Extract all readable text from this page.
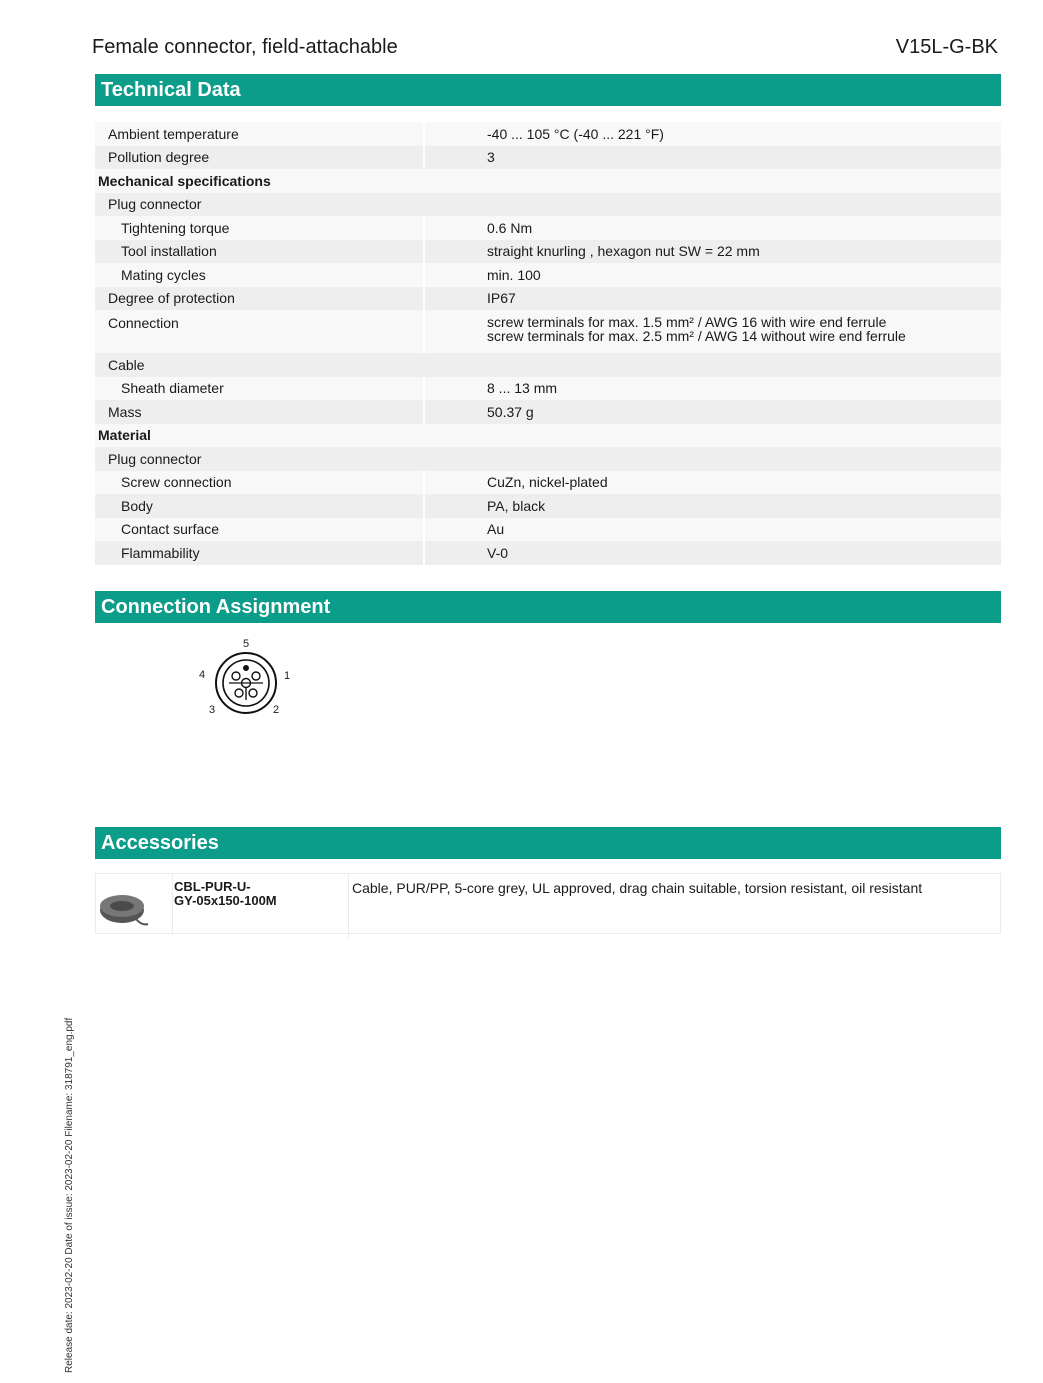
Female connector, field-attachable	V15L-G-BK
Technical Data
Ambient temperature	-40 ... 105 °C (-40 ... 221 °F)
Pollution degree	3
Mechanical specifications	
Plug connector	
Tightening torque	0.6 Nm
Tool installation	straight knurling , hexagon nut SW = 22 mm
Mating cycles	min. 100
Degree of protection	IP67
Connection	screw terminals for max. 1.5 mm² / AWG 16 with wire end ferrule
screw terminals for max. 2.5 mm² / AWG 14 without wire end ferrule

Cable	
Sheath diameter	8 ... 13 mm
Mass	50.37 g
Material	
Plug connector	
Screw connection	CuZn, nickel-plated
Body	PA, black
Contact surface	Au
Flammability	V-0
Connection Assignment
5
4	1
3	2
Accessories
CBL-PUR-U-
GY-05x150-100M
Cable, PUR/PP, 5-core grey, UL approved, drag chain suitable, torsion resistant, oil resistant
Release date: 2023-02-20 Date of issue: 2023-02-20 Filename: 318791_eng.pdf
